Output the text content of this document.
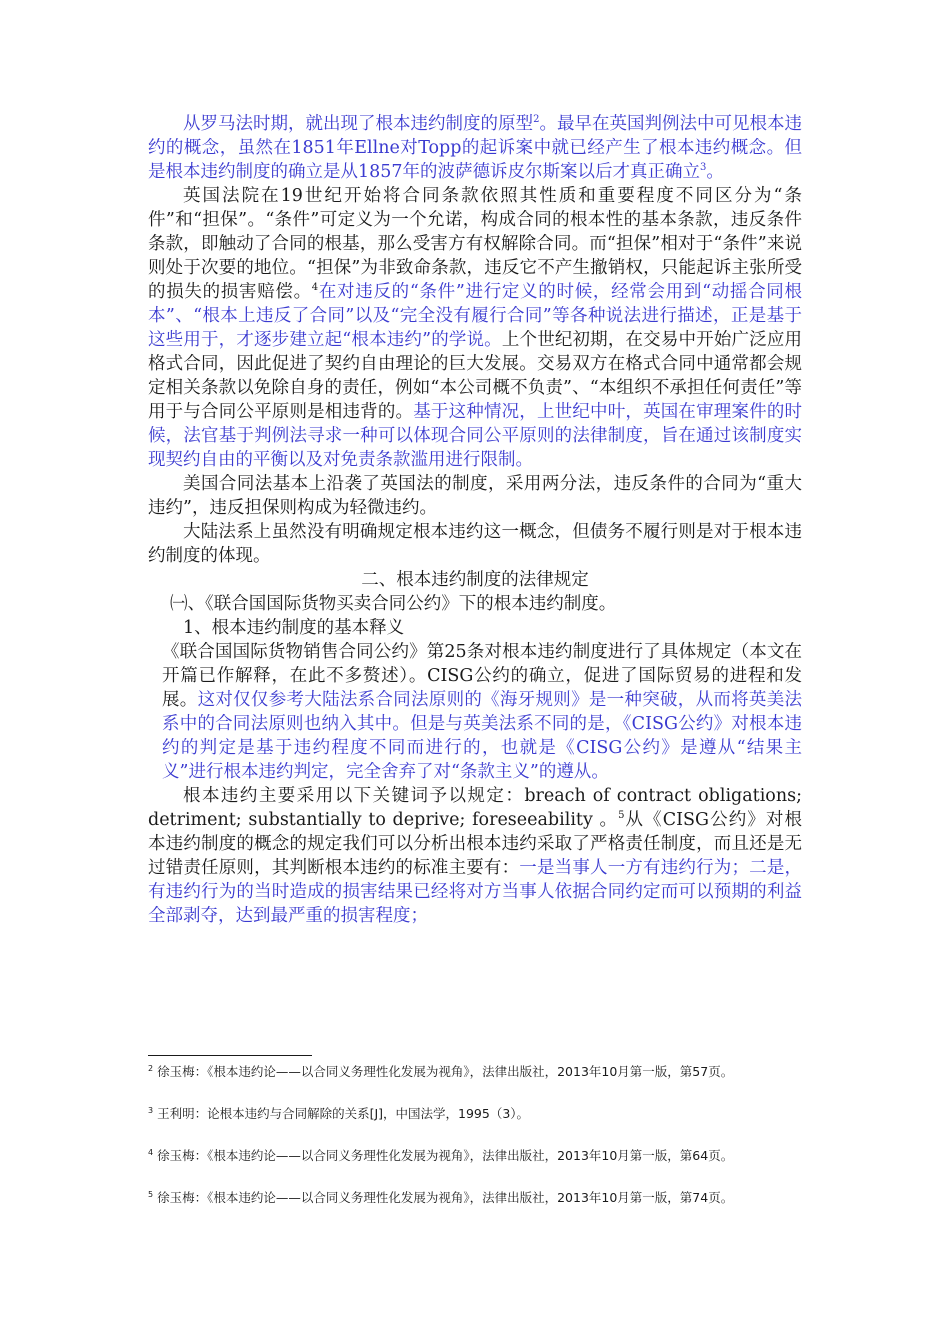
从罗马法时期，就出现了根本违约制度的原型$^2$。最早在英国判例法中可见根本违约的概念，虽然在1851年Ellne对Topp的起诉案中就已经产生了根本违约概念。但是根本违约制度的确立是从1857年的波萨德诉皮尔斯案以后才真正确立$^3$。

英国法院在19世纪开始将合同条款依照其性质和重要程度不同区分为“条件”和“担保”。“条件”可定义为一个允诺，构成合同的根本性的基本条款，违反条件条款，即触动了合同的根基，那么受害方有权解除合同。而“担保”相对于“条件”来说则处于次要的地位。“担保”为非致命条款，违反它不产生撤销权，只能起诉主张所受的损失的损害赔偿。$^4$在对违反的“条件”进行定义的时候，经常会用到“动摇合同根本”、“根本上违反了合同”以及“完全没有履行合同”等各种说法进行描述，正是基于这些用于，才逐步建立起“根本违约”的学说。上个世纪初期，在交易中开始广泛应用格式合同，因此促进了契约自由理论的巨大发展。交易双方在格式合同中通常都会规定相关条款以免除自身的责任，例如“本公司概不负责”、“本组织不承担任何责任”等用于与合同公平原则是相违背的。基于这种情况，上世纪中叶，英国在审理案件的时候，法官基于判例法寻求一种可以体现合同公平原则的法律制度，旨在通过该制度实现契约自由的平衡以及对免责条款滥用进行限制。

美国合同法基本上沿袭了英国法的制度，采用两分法，违反条件的合同为“重大违约”，违反担保则构成为轻微违约。

大陆法系上虽然没有明确规定根本违约这一概念，但债务不履行则是对于根本违约制度的体现。

二、根本违约制度的法律规定

㈠、《联合国国际货物买卖合同公约》下的根本违约制度。

1、根本违约制度的基本释义

《联合国国际货物销售合同公约》第25条对根本违约制度进行了具体规定（本文在开篇已作解释，在此不多赘述）。CISG公约的确立，促进了国际贸易的进程和发展。这对仅仅参考大陆法系合同法原则的《海牙规则》是一种突破，从而将英美法系中的合同法原则也纳入其中。但是与英美法系不同的是，《CISG公约》对根本违约的判定是基于违约程度不同而进行的，也就是《CISG公约》是遵从“结果主义”进行根本违约判定，完全舍弃了对“条款主义”的遵从。

根本违约主要采用以下关键词予以规定：breach of contract obligations; detriment; substantially to deprive; foreseeability 。$^5$从《CISG公约》对根本违约制度的概念的规定我们可以分析出根本违约采取了严格责任制度，而且还是无过错责任原则，其判断根本违约的标准主要有：一是当事人一方有违约行为；二是，有违约行为的当时造成的损害结果已经将对方当事人依据合同约定而可以预期的利益全部剥夺，达到最严重的损害程度；

$^2$ 徐玉梅：《根本违约论——以合同义务理性化发展为视角》，法律出版社，2013年10月第一版，第57页。

$^3$ 王利明：论根本违约与合同解除的关系[J]，中国法学，1995（3）。

$^4$ 徐玉梅：《根本违约论——以合同义务理性化发展为视角》，法律出版社，2013年10月第一版，第64页。

$^5$ 徐玉梅：《根本违约论——以合同义务理性化发展为视角》，法律出版社，2013年10月第一版，第74页。
